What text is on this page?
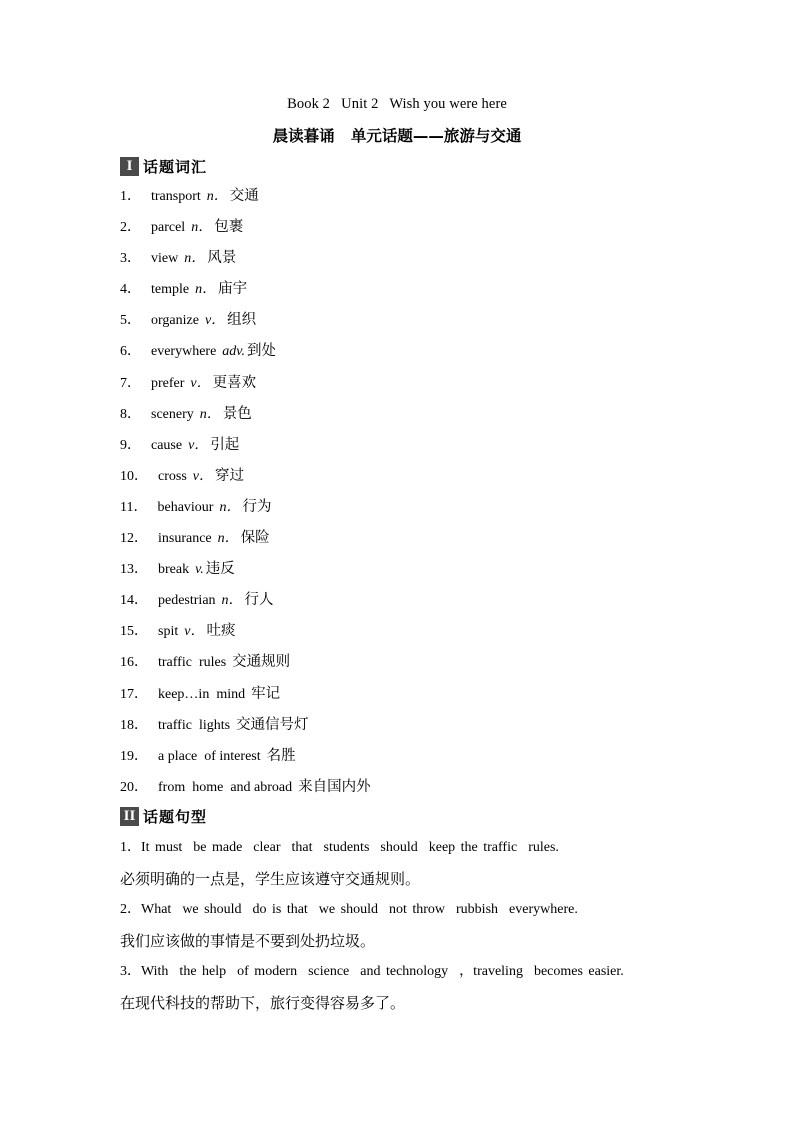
Book 2   Unit 2   Wish you were here
晨读暮诵   单元话题——旅游与交通
I 话题词汇
1． transport n． 交通
2． parcel n． 包裹
3． view n． 风景
4． temple n． 庙宇
5． organize v． 组织
6． everywhere adv. 到处
7． prefer v． 更喜欢
8． scenery n． 景色
9． cause v． 引起
10． cross v． 穿过
11． behaviour n． 行为
12． insurance n． 保险
13． break v. 违反
14． pedestrian n． 行人
15． spit v． 吐痰
16． traffic  rules 交通规则
17． keep…in  mind 牢记
18． traffic  lights 交通信号灯
19． a place  of interest 名胜
20． from  home  and abroad 来自国内外
II 话题句型
1．It must  be made  clear  that  students  should  keep the traffic  rules.
必须明确的一点是，学生应该遵守交通规则。
2．What  we should  do is that  we should  not throw  rubbish  everywhere.
我们应该做的事情是不要到处扔垃圾。
3．With  the help  of modern  science  and technology  ，traveling  becomes easier.
在现代科技的帮助下，旅行变得容易多了。
